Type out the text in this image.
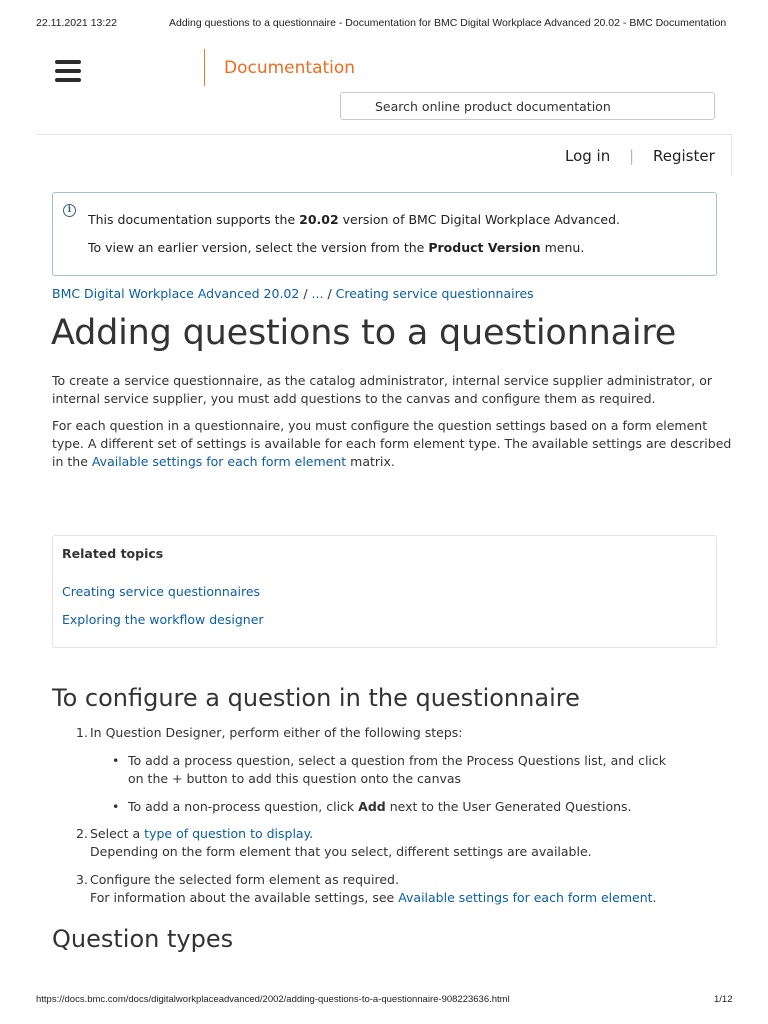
22.11.2021 13:22	Adding questions to a questionnaire - Documentation for BMC Digital Workplace Advanced 20.02 - BMC Documentation
Documentation
Search online product documentation
Log in | Register
i
This documentation supports the 20.02 version of BMC Digital Workplace Advanced.
To view an earlier version, select the version from the Product Version menu.
BMC Digital Workplace Advanced 20.02 / ... / Creating service questionnaires
Adding questions to a questionnaire

To create a service questionnaire, as the catalog administrator, internal service supplier administrator, or internal service supplier, you must add questions to the canvas and configure them as required.

For each question in a questionnaire, you must configure the question settings based on a form element type. A different set of settings is available for each form element type. The available settings are described in the Available settings for each form element matrix.

Related topics
Creating service questionnaires
Exploring the workflow designer
To configure a question in the questionnaire
1. In Question Designer, perform either of the following steps:
• To add a process question, select a question from the Process Questions list, and click on the + button to add this question onto the canvas
• To add a non-process question, click Add next to the User Generated Questions.
2. Select a type of question to display.
Depending on the form element that you select, different settings are available.
3. Configure the selected form element as required.
For information about the available settings, see Available settings for each form element.
Question types
https://docs.bmc.com/docs/digitalworkplaceadvanced/2002/adding-questions-to-a-questionnaire-908223636.html	1/12
